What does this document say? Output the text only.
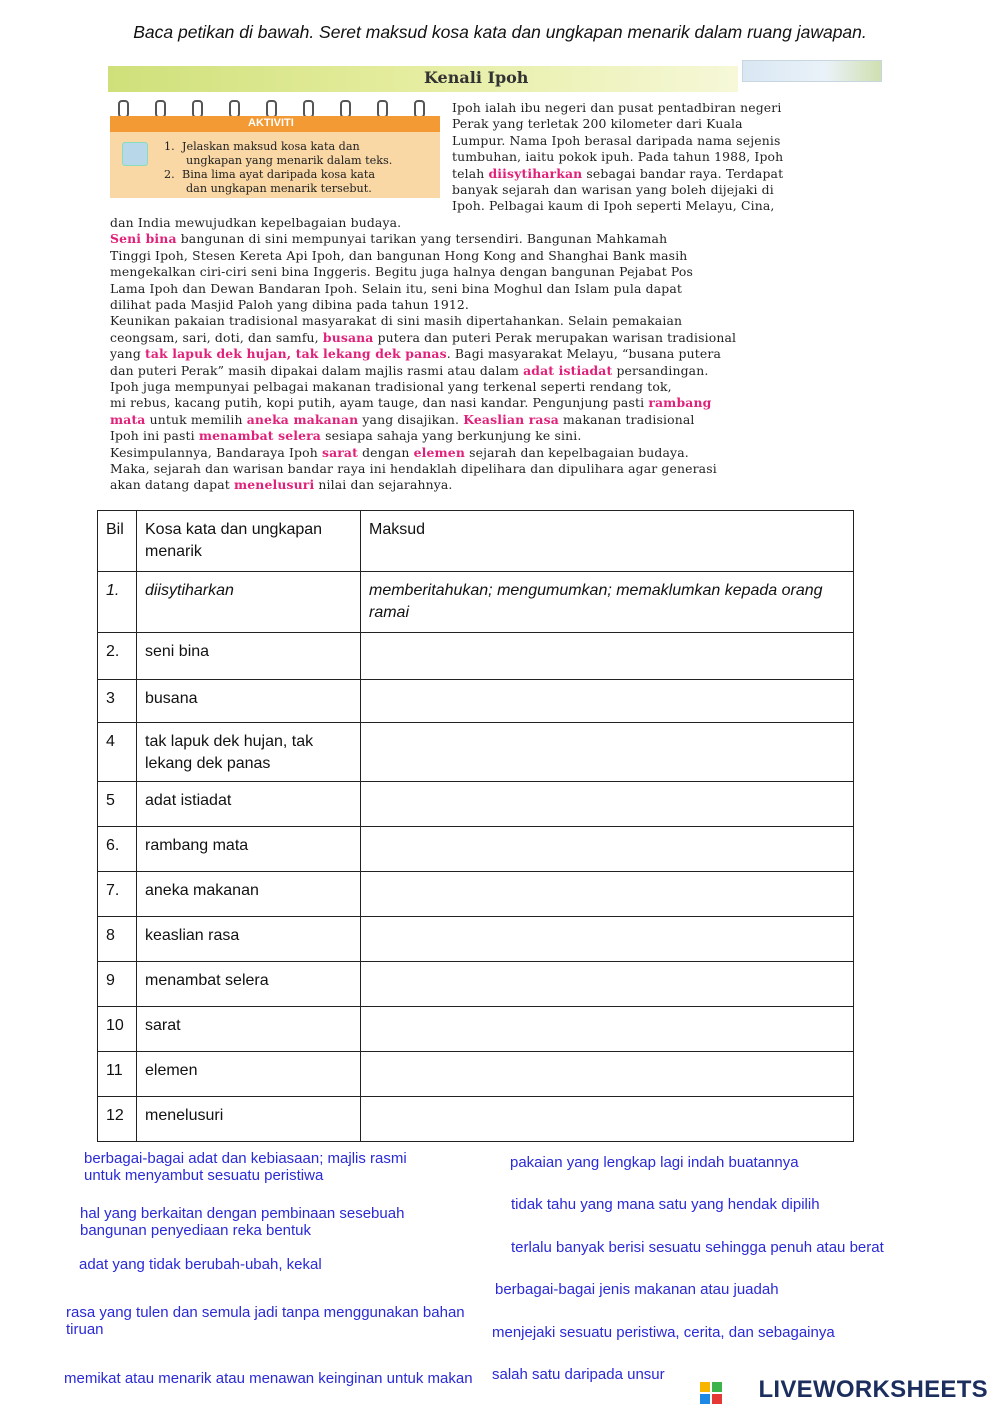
Baca petikan di bawah. Seret maksud kosa kata dan ungkapan menarik dalam ruang jawapan.
Kenali Ipoh
AKTIVITI
1. Jelaskan maksud kosa kata dan
ungkapan yang menarik dalam teks.
2. Bina lima ayat daripada kosa kata
dan ungkapan menarik tersebut.
Ipoh ialah ibu negeri dan pusat pentadbiran negeri
Perak yang terletak 200 kilometer dari Kuala
Lumpur. Nama Ipoh berasal daripada nama sejenis
tumbuhan, iaitu pokok ipuh. Pada tahun 1988, Ipoh
telah diisytiharkan sebagai bandar raya. Terdapat
banyak sejarah dan warisan yang boleh dijejaki di
Ipoh. Pelbagai kaum di Ipoh seperti Melayu, Cina,
dan India mewujudkan kepelbagaian budaya.
Seni bina bangunan di sini mempunyai tarikan yang tersendiri. Bangunan Mahkamah
Tinggi Ipoh, Stesen Kereta Api Ipoh, dan bangunan Hong Kong and Shanghai Bank masih
mengekalkan ciri-ciri seni bina Inggeris. Begitu juga halnya dengan bangunan Pejabat Pos
Lama Ipoh dan Dewan Bandaran Ipoh. Selain itu, seni bina Moghul dan Islam pula dapat
dilihat pada Masjid Paloh yang dibina pada tahun 1912.
Keunikan pakaian tradisional masyarakat di sini masih dipertahankan. Selain pemakaian
ceongsam, sari, doti, dan samfu, busana putera dan puteri Perak merupakan warisan tradisional
yang tak lapuk dek hujan, tak lekang dek panas. Bagi masyarakat Melayu, “busana putera
dan puteri Perak” masih dipakai dalam majlis rasmi atau dalam adat istiadat persandingan.
Ipoh juga mempunyai pelbagai makanan tradisional yang terkenal seperti rendang tok,
mi rebus, kacang putih, kopi putih, ayam tauge, dan nasi kandar. Pengunjung pasti rambang
mata untuk memilih aneka makanan yang disajikan. Keaslian rasa makanan tradisional
Ipoh ini pasti menambat selera sesiapa sahaja yang berkunjung ke sini.
Kesimpulannya, Bandaraya Ipoh sarat dengan elemen sejarah dan kepelbagaian budaya.
Maka, sejarah dan warisan bandar raya ini hendaklah dipelihara dan dipulihara agar generasi
akan datang dapat menelusuri nilai dan sejarahnya.
Bil	Kosa kata dan ungkapan menarik	Maksud
1.	diisytiharkan	memberitahukan; mengumumkan; memaklumkan kepada orang ramai
2.	seni bina	
3	busana	
4	tak lapuk dek hujan, tak lekang dek panas	
5	adat istiadat	
6.	rambang mata	
7.	aneka makanan	
8	keaslian rasa	
9	menambat selera	
10	sarat	
11	elemen	
12	menelusuri	
berbagai-bagai adat dan kebiasaan; majlis rasmi untuk menyambut sesuatu peristiwa
pakaian yang lengkap lagi indah buatannya
hal yang berkaitan dengan pembinaan sesebuah bangunan penyediaan reka bentuk
tidak tahu yang mana satu yang hendak dipilih
terlalu banyak berisi sesuatu sehingga penuh atau berat
adat yang tidak berubah-ubah, kekal
berbagai-bagai jenis makanan atau juadah
rasa yang tulen dan semula jadi tanpa menggunakan bahan tiruan	menjejaki sesuatu peristiwa, cerita, dan sebagainya
memikat atau menarik atau menawan keinginan untuk makan salah satu daripada unsur
LIVEWORKSHEETS
